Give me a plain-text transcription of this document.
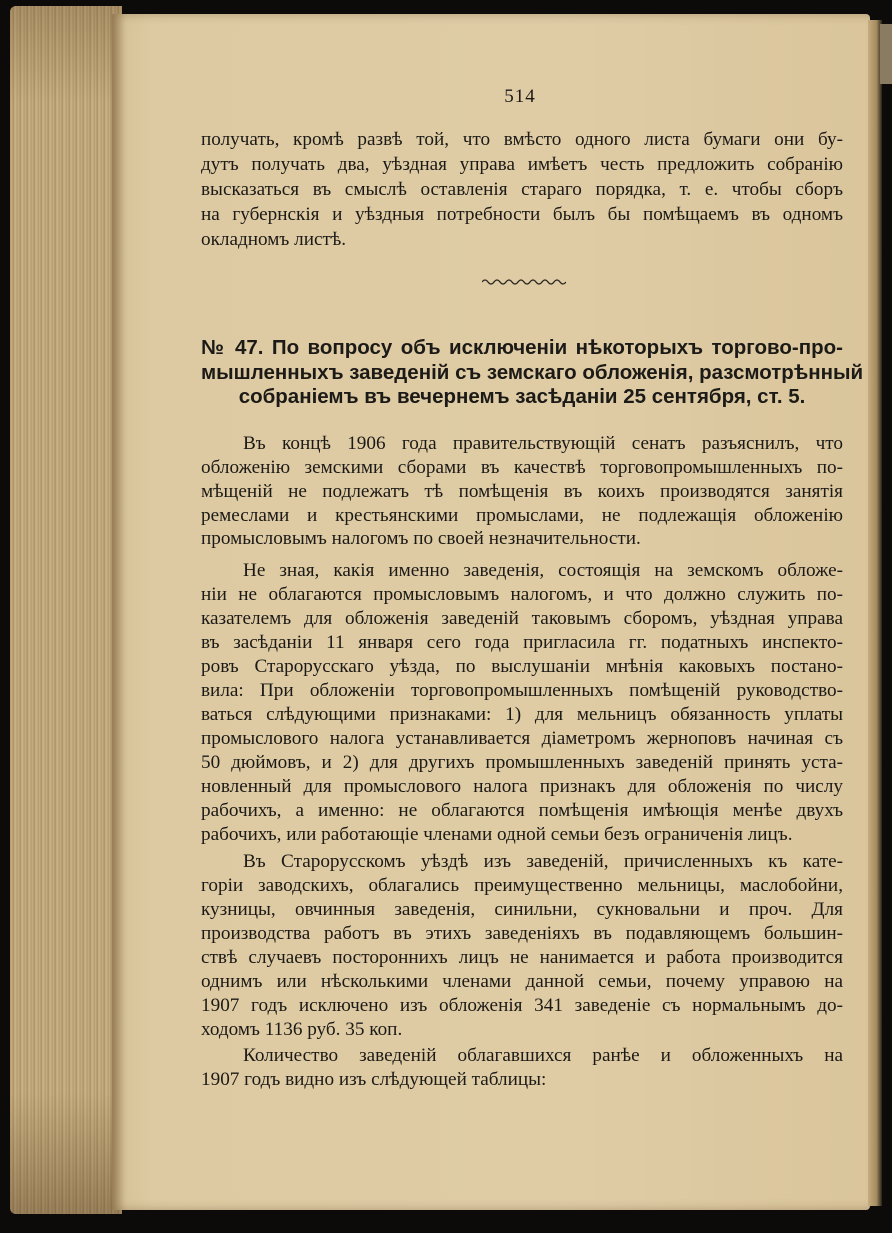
514
получать, кромѣ развѣ той, что вмѣсто одного листа бумаги они бу-
дутъ получать два, уѣздная управа имѣетъ честь предложить собранію
высказаться въ смыслѣ оставленія стараго порядка, т. е. чтобы сборъ
на губернскія и уѣздныя потребности былъ бы помѣщаемъ въ одномъ
окладномъ листѣ.
№ 47. По вопросу объ исключеніи нѣкоторыхъ торгово-про-
мышленныхъ заведеній съ земскаго обложенія, разсмотрѣнный
собраніемъ въ вечернемъ засѣданіи 25 сентября, ст. 5.
Въ концѣ 1906 года правительствующій сенатъ разъяснилъ, что
обложенію земскими сборами въ качествѣ торговопромышленныхъ по-
мѣщеній не подлежатъ тѣ помѣщенія въ коихъ производятся занятія
ремеслами и крестьянскими промыслами, не подлежащія обложенію
промысловымъ налогомъ по своей незначительности.
Не зная, какія именно заведенія, состоящія на земскомъ обложе-
ніи не облагаются промысловымъ налогомъ, и что должно служить по-
казателемъ для обложенія заведеній таковымъ сборомъ, уѣздная управа
въ засѣданіи 11 января сего года пригласила гг. податныхъ инспекто-
ровъ Старорусскаго уѣзда, по выслушаніи мнѣнія каковыхъ постано-
вила: При обложеніи торговопромышленныхъ помѣщеній руководство-
ваться слѣдующими признаками: 1) для мельницъ обязанность уплаты
промыслового налога устанавливается діаметромъ жерноповъ начиная съ
50 дюймовъ, и 2) для другихъ промышленныхъ заведеній принять уста-
новленный для промыслового налога признакъ для обложенія по числу
рабочихъ, а именно: не облагаются помѣщенія имѣющія менѣе двухъ
рабочихъ, или работающіе членами одной семьи безъ ограниченія лицъ.
Въ Старорусскомъ уѣздѣ изъ заведеній, причисленныхъ къ кате-
горіи заводскихъ, облагались преимущественно мельницы, маслобойни,
кузницы, овчинныя заведенія, синильни, сукновальни и проч. Для
производства работъ въ этихъ заведеніяхъ въ подавляющемъ большин-
ствѣ случаевъ постороннихъ лицъ не нанимается и работа производится
однимъ или нѣсколькими членами данной семьи, почему управою на
1907 годъ исключено изъ обложенія 341 заведеніе съ нормальнымъ до-
ходомъ 1136 руб. 35 коп.
Количество заведеній облагавшихся ранѣе и обложенныхъ на
1907 годъ видно изъ слѣдующей таблицы:
